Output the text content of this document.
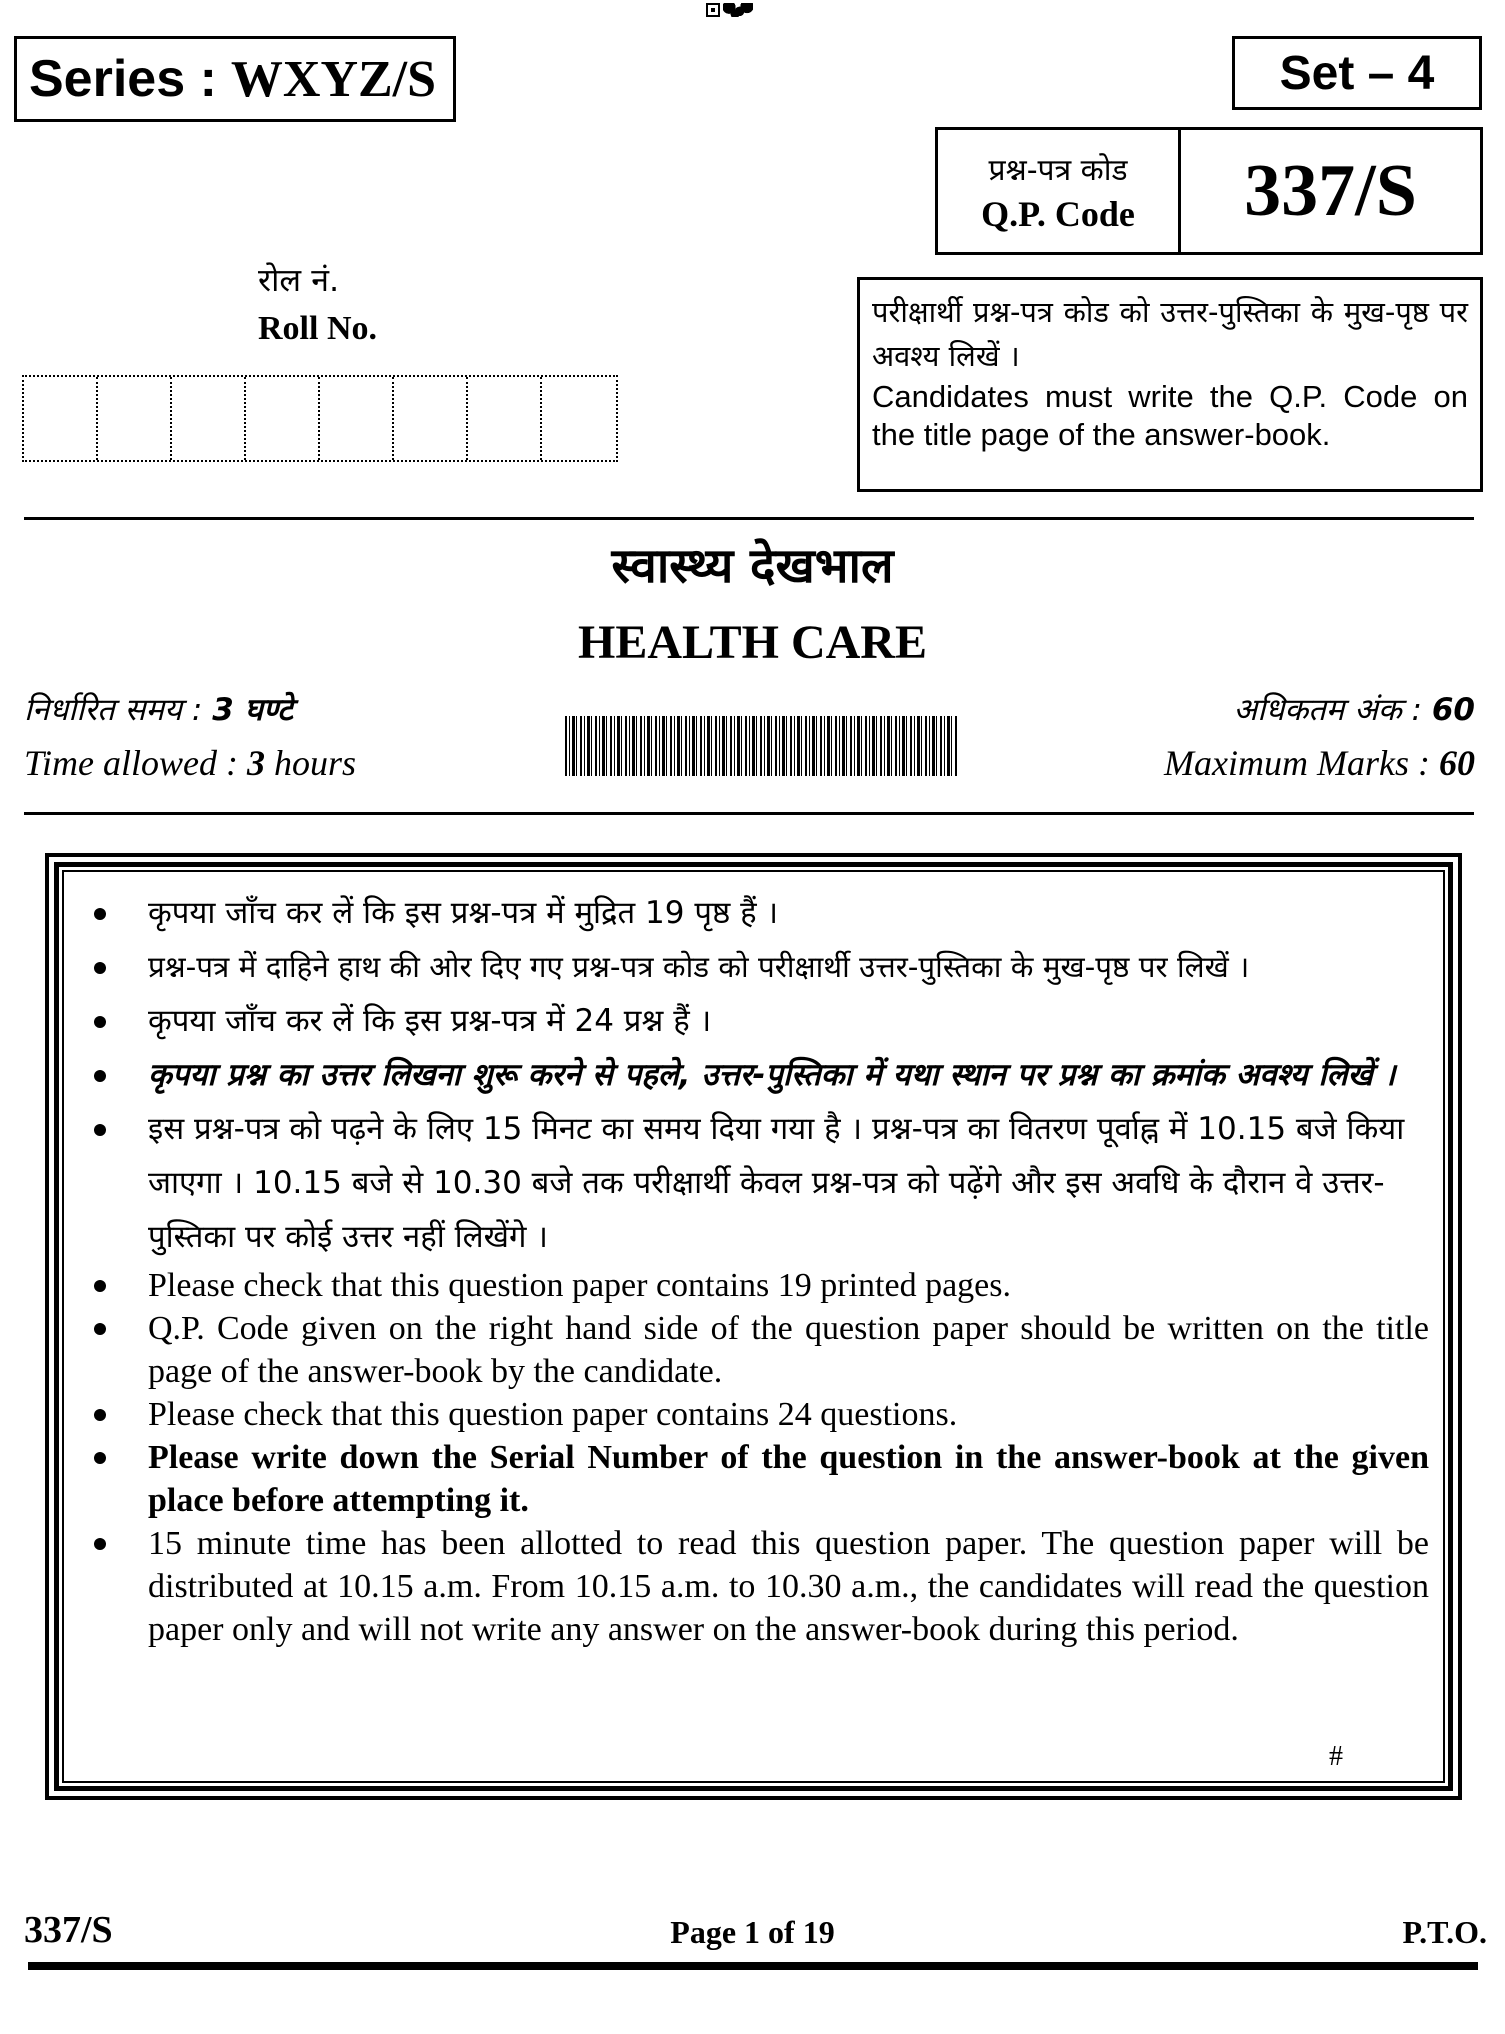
Series : WXYZ/S	Set – 4
प्रश्न-पत्र कोड
Q.P. Code	337/S
रोल नं.
Roll No.	परीक्षार्थी प्रश्न-पत्र कोड को उत्तर-पुस्तिका के मुख-पृष्ठ पर अवश्य लिखें ।
Candidates must write the Q.P. Code on the title page of the answer-book.
स्वास्थ्य देखभाल
HEALTH CARE
निर्धारित समय : 3 घण्टे
Time allowed : 3 hours
अधिकतम अंक : 60
Maximum Marks : 60
कृपया जाँच कर लें कि इस प्रश्न-पत्र में मुद्रित 19 पृष्ठ हैं ।
प्रश्न-पत्र में दाहिने हाथ की ओर दिए गए प्रश्न-पत्र कोड को परीक्षार्थी उत्तर-पुस्तिका के मुख-पृष्ठ पर लिखें ।
कृपया जाँच कर लें कि इस प्रश्न-पत्र में 24 प्रश्न हैं ।
कृपया प्रश्न का उत्तर लिखना शुरू करने से पहले, उत्तर-पुस्तिका में यथा स्थान पर प्रश्न का क्रमांक अवश्य लिखें ।
इस प्रश्न-पत्र को पढ़ने के लिए 15 मिनट का समय दिया गया है । प्रश्न-पत्र का वितरण पूर्वाह्न में 10.15 बजे किया जाएगा । 10.15 बजे से 10.30 बजे तक परीक्षार्थी केवल प्रश्न-पत्र को पढ़ेंगे और इस अवधि के दौरान वे उत्तर-पुस्तिका पर कोई उत्तर नहीं लिखेंगे ।
Please check that this question paper contains 19 printed pages.
Q.P. Code given on the right hand side of the question paper should be written on the title page of the answer-book by the candidate.
Please check that this question paper contains 24 questions.
Please write down the Serial Number of the question in the answer-book at the given place before attempting it.
15 minute time has been allotted to read this question paper. The question paper will be distributed at 10.15 a.m. From 10.15 a.m. to 10.30 a.m., the candidates will read the question paper only and will not write any answer on the answer-book during this period.
#
337/S	Page 1 of 19	P.T.O.
